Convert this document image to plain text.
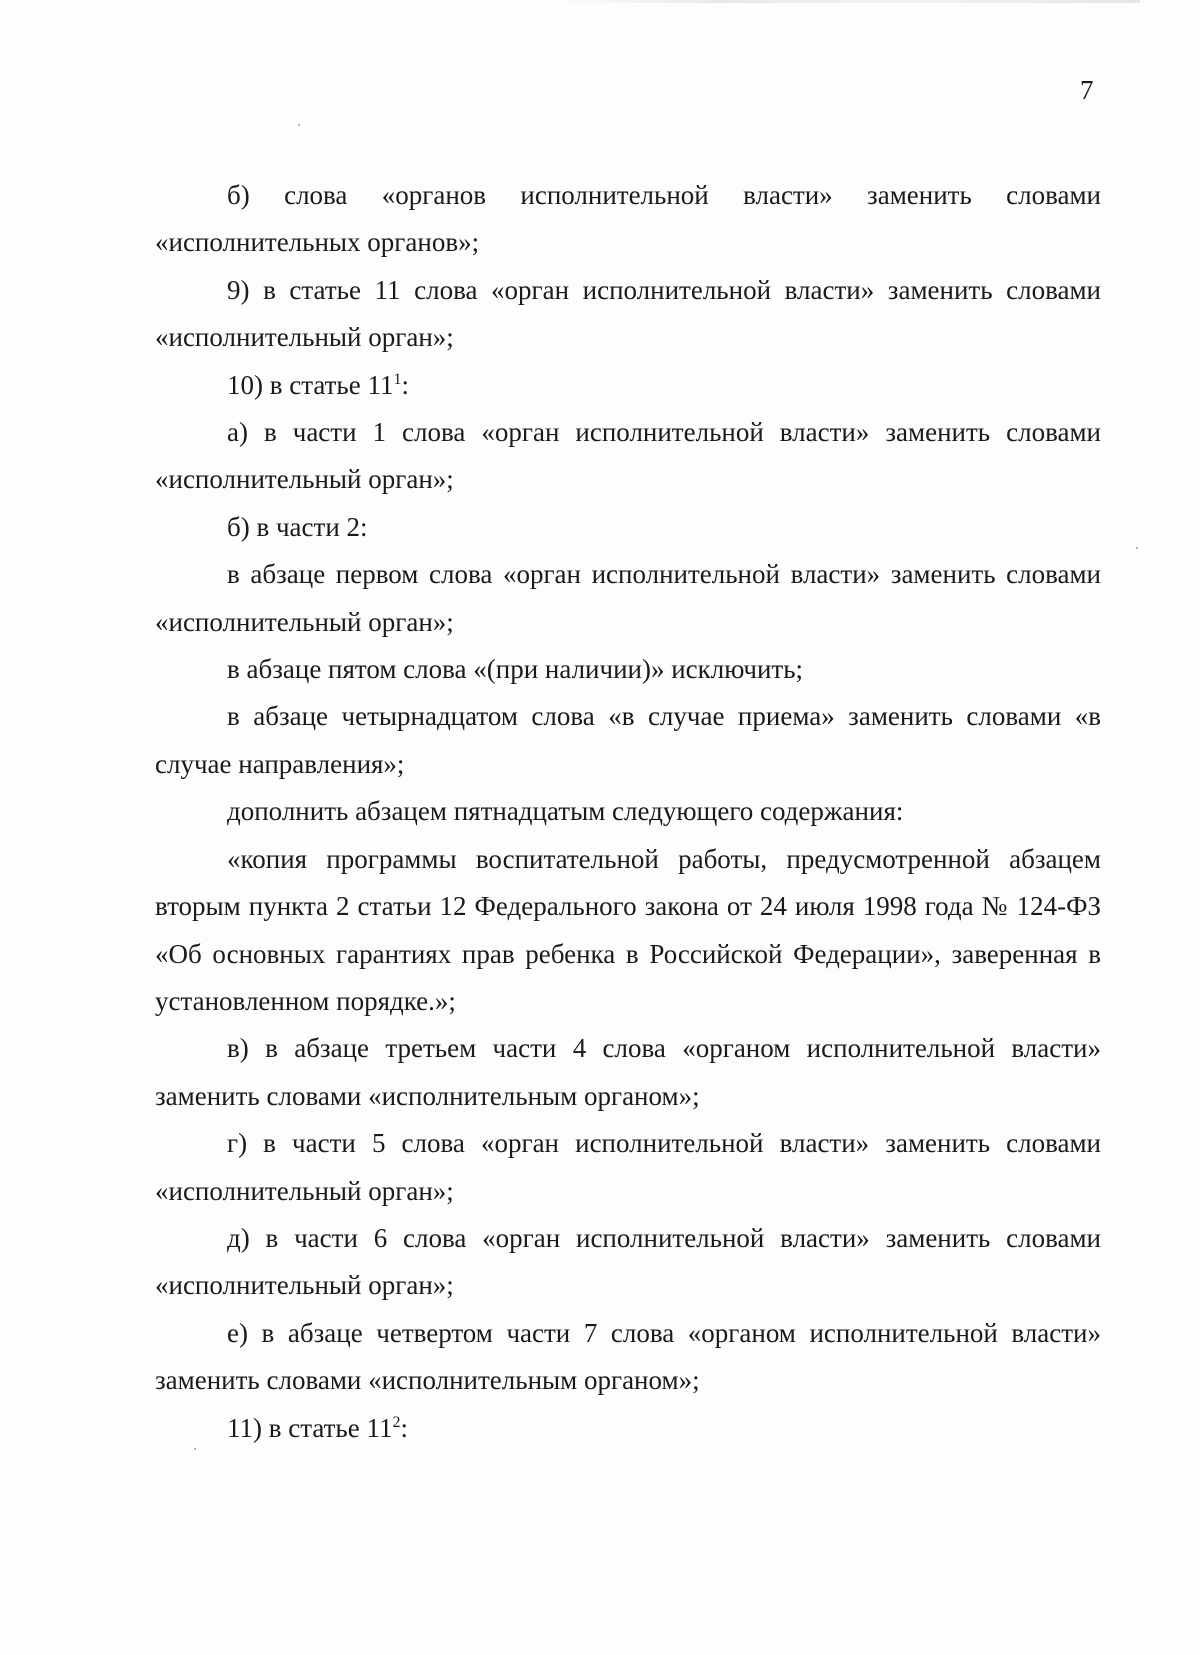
7

б) слова «органов исполнительной власти» заменить словами «исполнительных органов»;

9) в статье 11 слова «орган исполнительной власти» заменить словами «исполнительный орган»;

10) в статье $11^1$:

а) в части 1 слова «орган исполнительной власти» заменить словами «исполнительный орган»;

б) в части 2:

в абзаце первом слова «орган исполнительной власти» заменить словами «исполнительный орган»;

в абзаце пятом слова «(при наличии)» исключить;

в абзаце четырнадцатом слова «в случае приема» заменить словами «в случае направления»;

дополнить абзацем пятнадцатым следующего содержания:

«копия программы воспитательной работы, предусмотренной абзацем вторым пункта 2 статьи 12 Федерального закона от 24 июля 1998 года № 124-ФЗ «Об основных гарантиях прав ребенка в Российской Федерации», заверенная в установленном порядке.»;

в) в абзаце третьем части 4 слова «органом исполнительной власти» заменить словами «исполнительным органом»;

г) в части 5 слова «орган исполнительной власти» заменить словами «исполнительный орган»;

д) в части 6 слова «орган исполнительной власти» заменить словами «исполнительный орган»;

е) в абзаце четвертом части 7 слова «органом исполнительной власти» заменить словами «исполнительным органом»;

11) в статье $11^2$:
